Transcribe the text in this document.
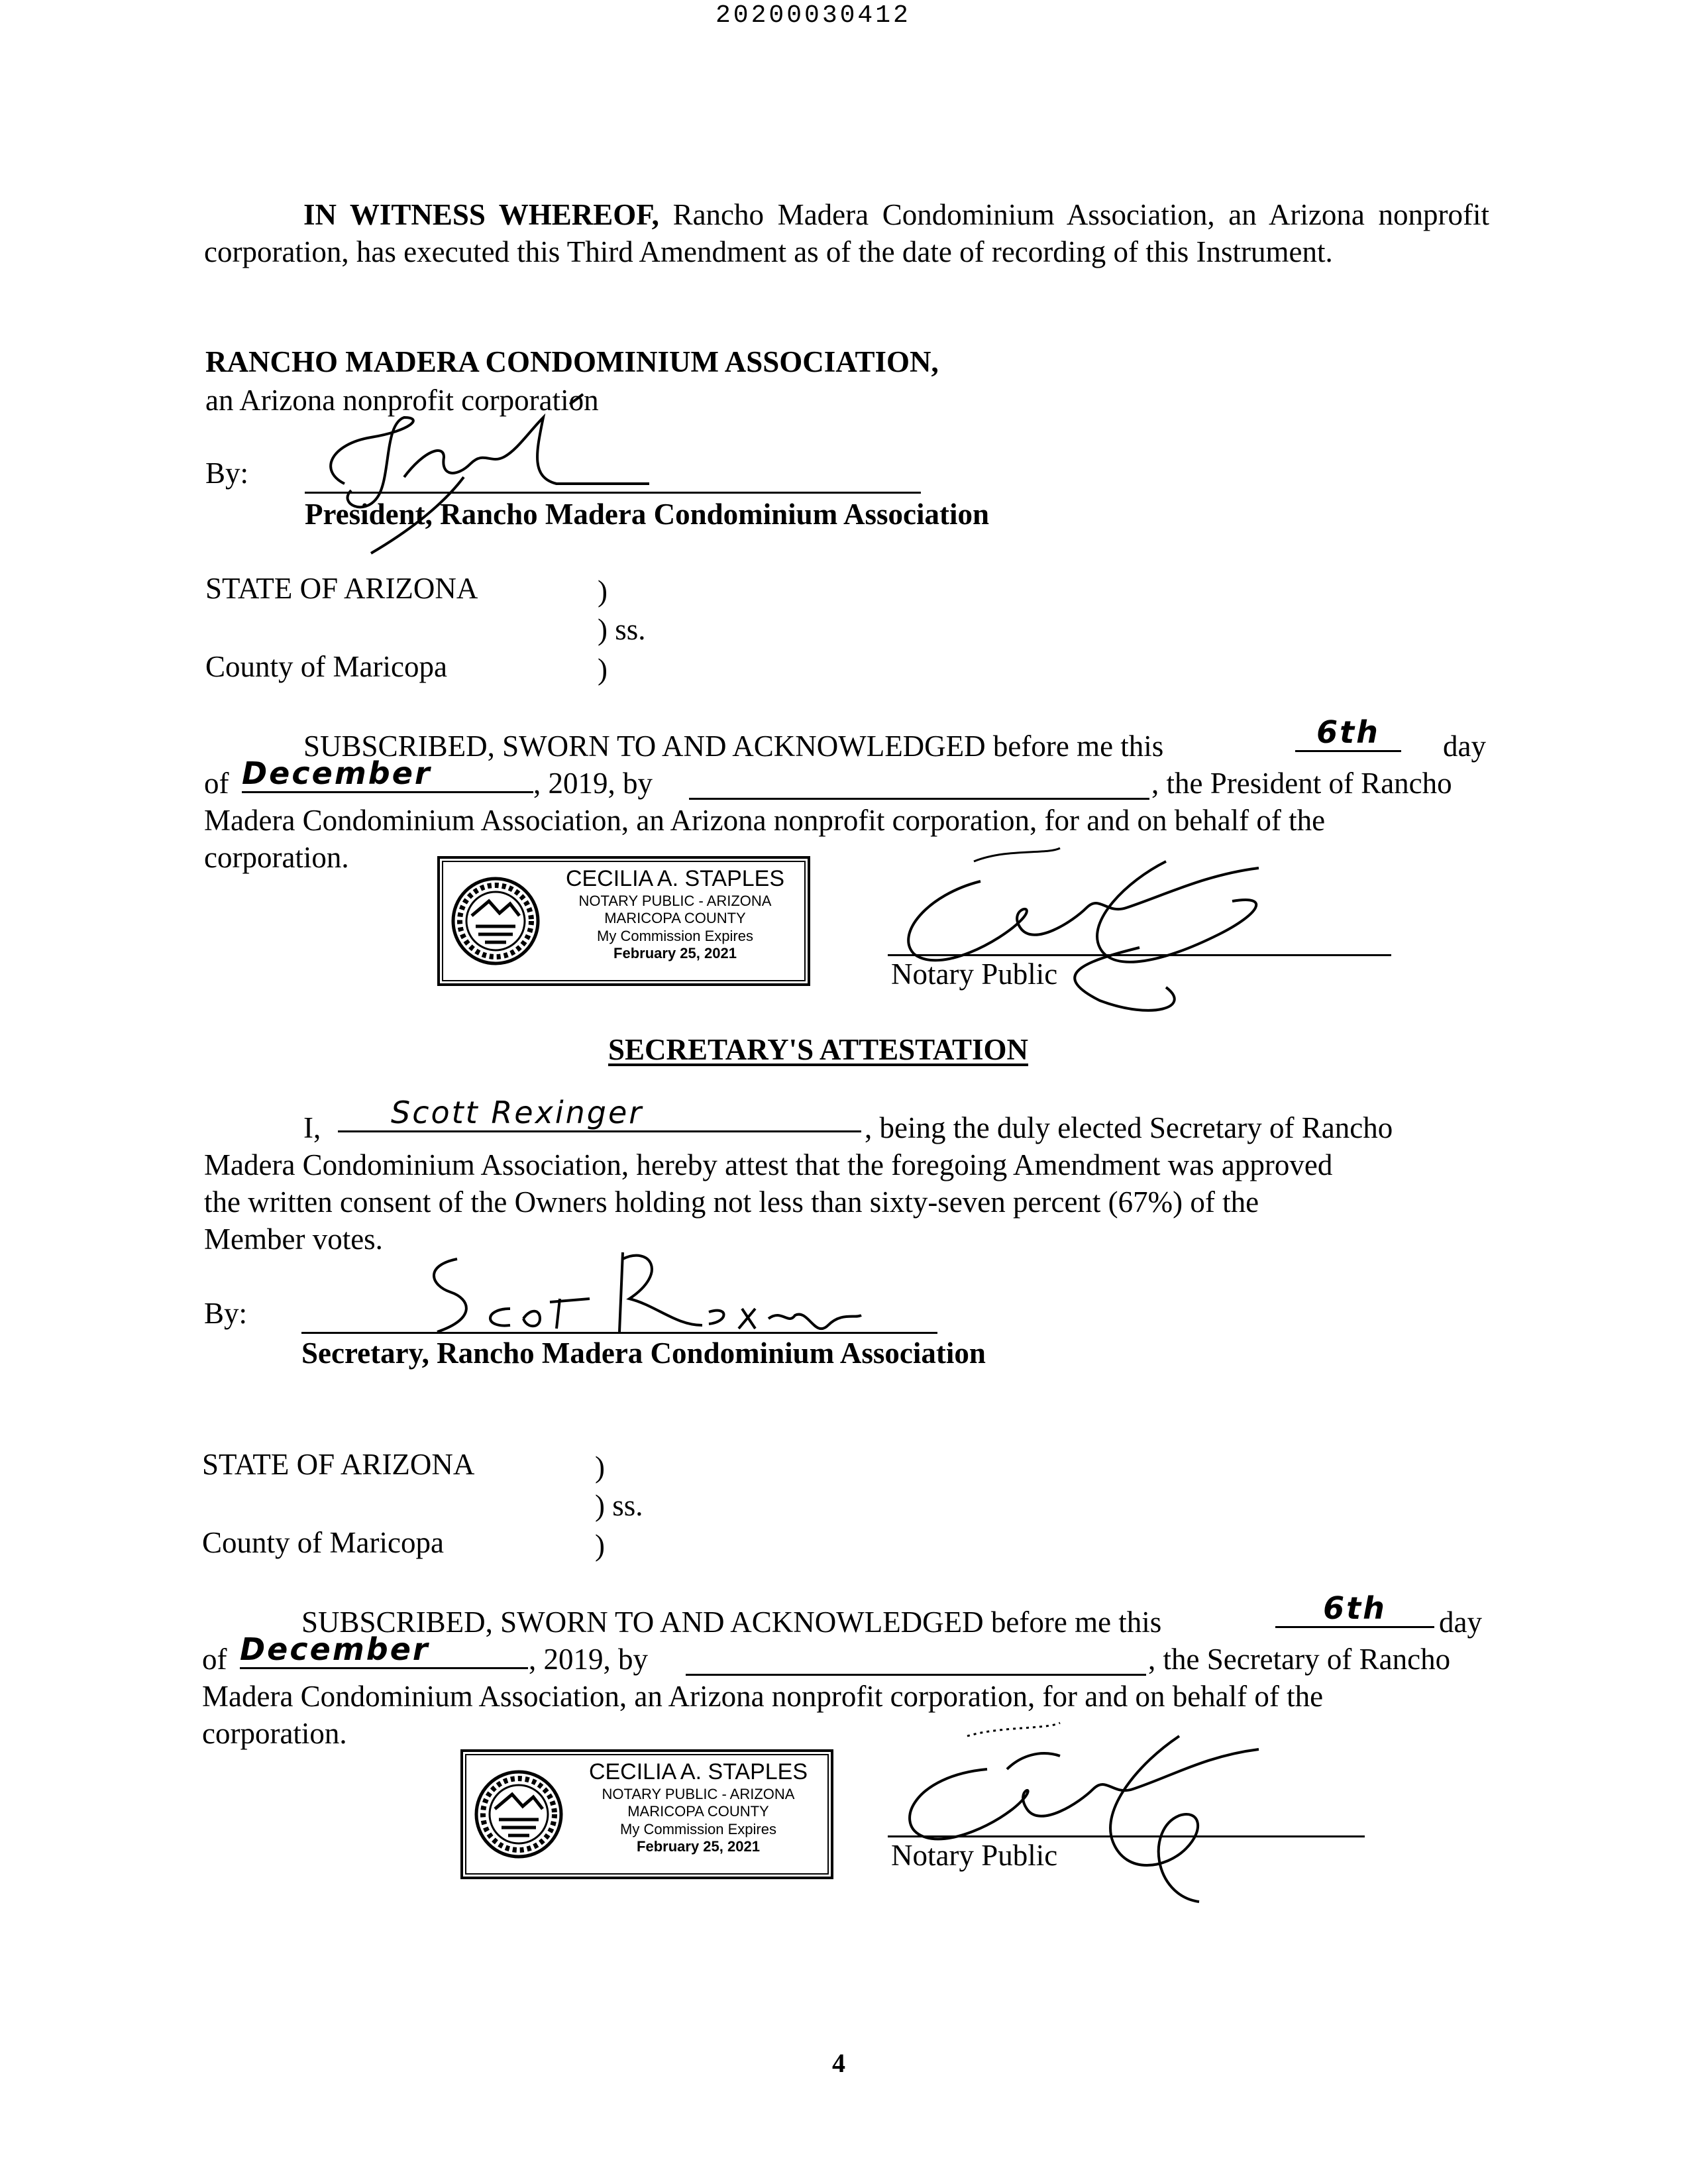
20200030412
IN WITNESS WHEREOF, Rancho Madera Condominium Association, an Arizona nonprofit corporation, has executed this Third Amendment as of the date of recording of this Instrument.
RANCHO MADERA CONDOMINIUM ASSOCIATION,
an Arizona nonprofit corporation
By:
President, Rancho Madera Condominium Association
STATE OF ARIZONA	)
) ss.
County of Maricopa	)
SUBSCRIBED, SWORN TO AND ACKNOWLEDGED before me this	6th	day
of December	, 2019, by	, the President of Rancho
Madera Condominium Association, an Arizona nonprofit corporation, for and on behalf of the
corporation.
CECILIA A. STAPLES
NOTARY PUBLIC - ARIZONA
MARICOPA COUNTY
My Commission Expires
February 25, 2021
Notary Public
SECRETARY'S ATTESTATION
I,	Scott Rexinger	, being the duly elected Secretary of Rancho
Madera Condominium Association, hereby attest that the foregoing Amendment was approved
the written consent of the Owners holding not less than sixty-seven percent (67%) of the
Member votes.
By:
Secretary, Rancho Madera Condominium Association
STATE OF ARIZONA	)
) ss.
County of Maricopa	)
SUBSCRIBED, SWORN TO AND ACKNOWLEDGED before me this	6th	day
of December	, 2019, by	, the Secretary of Rancho
Madera Condominium Association, an Arizona nonprofit corporation, for and on behalf of the
corporation.
CECILIA A. STAPLES
NOTARY PUBLIC - ARIZONA
MARICOPA COUNTY
My Commission Expires
February 25, 2021	Notary Public
4
